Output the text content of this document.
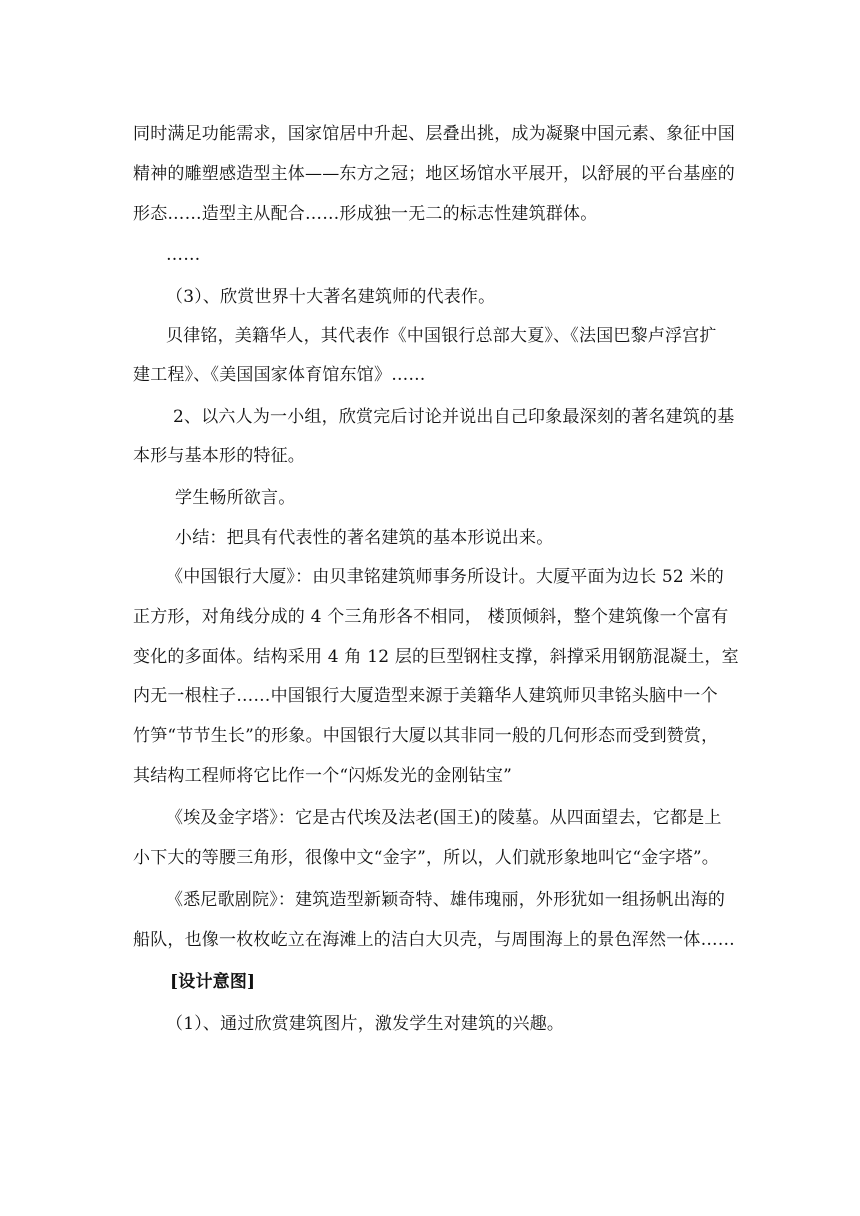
同时满足功能需求，国家馆居中升起、层叠出挑，成为凝聚中国元素、象征中国
精神的雕塑感造型主体——东方之冠；地区场馆水平展开，以舒展的平台基座的
形态……造型主从配合……形成独一无二的标志性建筑群体。
……
（3）、欣赏世界十大著名建筑师的代表作。
贝律铭，美籍华人，其代表作《中国银行总部大夏》、《法国巴黎卢浮宫扩
建工程》、《美国国家体育馆东馆》……
2、以六人为一小组，欣赏完后讨论并说出自己印象最深刻的著名建筑的基
本形与基本形的特征。
学生畅所欲言。
小结：把具有代表性的著名建筑的基本形说出来。
《中国银行大厦》：由贝聿铭建筑师事务所设计。大厦平面为边长 52 米的
正方形，对角线分成的 4 个三角形各不相同， 楼顶倾斜，整个建筑像一个富有
变化的多面体。结构采用 4 角 12 层的巨型钢柱支撑，斜撑采用钢筋混凝土，室
内无一根柱子……中国银行大厦造型来源于美籍华人建筑师贝聿铭头脑中一个
竹笋“节节生长”的形象。中国银行大厦以其非同一般的几何形态而受到赞赏，
其结构工程师将它比作一个“闪烁发光的金刚钻宝”
《埃及金字塔》：它是古代埃及法老(国王)的陵墓。从四面望去，它都是上
小下大的等腰三角形，很像中文“金字”，所以，人们就形象地叫它“金字塔”。
《悉尼歌剧院》：建筑造型新颖奇特、雄伟瑰丽，外形犹如一组扬帆出海的
船队，也像一枚枚屹立在海滩上的洁白大贝壳，与周围海上的景色浑然一体……
[设计意图]
（1）、通过欣赏建筑图片，激发学生对建筑的兴趣。
